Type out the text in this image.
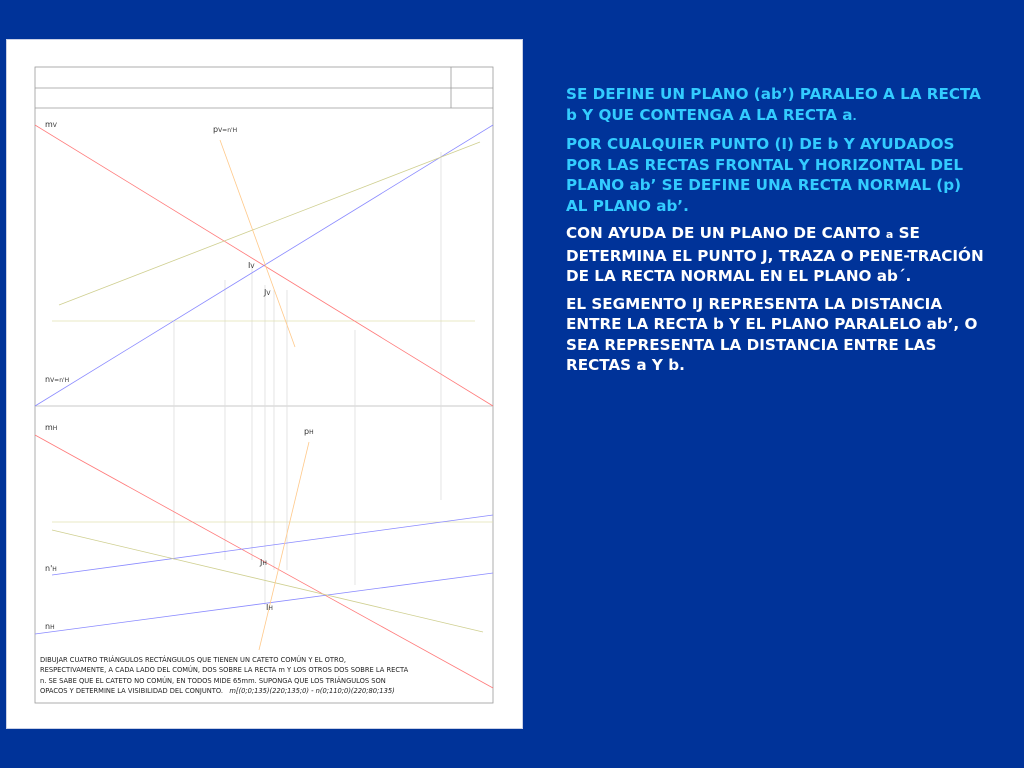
mV	pV=n'H
IV
JV
nV=n'H
mH	pH
JH
n'H
IH
nH
DIBUJAR CUATRO TRIÁNGULOS RECTÁNGULOS QUE TIENEN UN CATETO COMÚN Y EL OTRO,
RESPECTIVAMENTE, A CADA LADO DEL COMÚN, DOS SOBRE LA RECTA m Y LOS OTROS DOS SOBRE LA RECTA
n. SE SABE QUE EL CATETO NO COMÚN, EN TODOS MIDE 65mm. SUPONGA QUE LOS TRIÁNGULOS SON
OPACOS Y DETERMINE LA VISIBILIDAD DEL CONJUNTO. m[(0;0;135)(220;135;0) - n(0;110;0)(220;80;135)

SE DEFINE UN PLANO (ab’) PARALEO A LA RECTA b Y QUE CONTENGA A LA RECTA a.

POR CUALQUIER PUNTO (I) DE b Y AYUDADOS POR LAS RECTAS FRONTAL Y HORIZONTAL DEL PLANO ab’ SE DEFINE UNA RECTA NORMAL (p) AL PLANO ab’.

CON AYUDA DE UN PLANO DE CANTO a SE DETERMINA EL PUNTO J, TRAZA O PENE-TRACIÓN DE LA RECTA NORMAL EN EL PLANO ab´.

EL SEGMENTO IJ REPRESENTA LA DISTANCIA ENTRE LA RECTA b Y EL PLANO PARALELO ab’, O SEA REPRESENTA LA DISTANCIA ENTRE LAS RECTAS a Y b.
